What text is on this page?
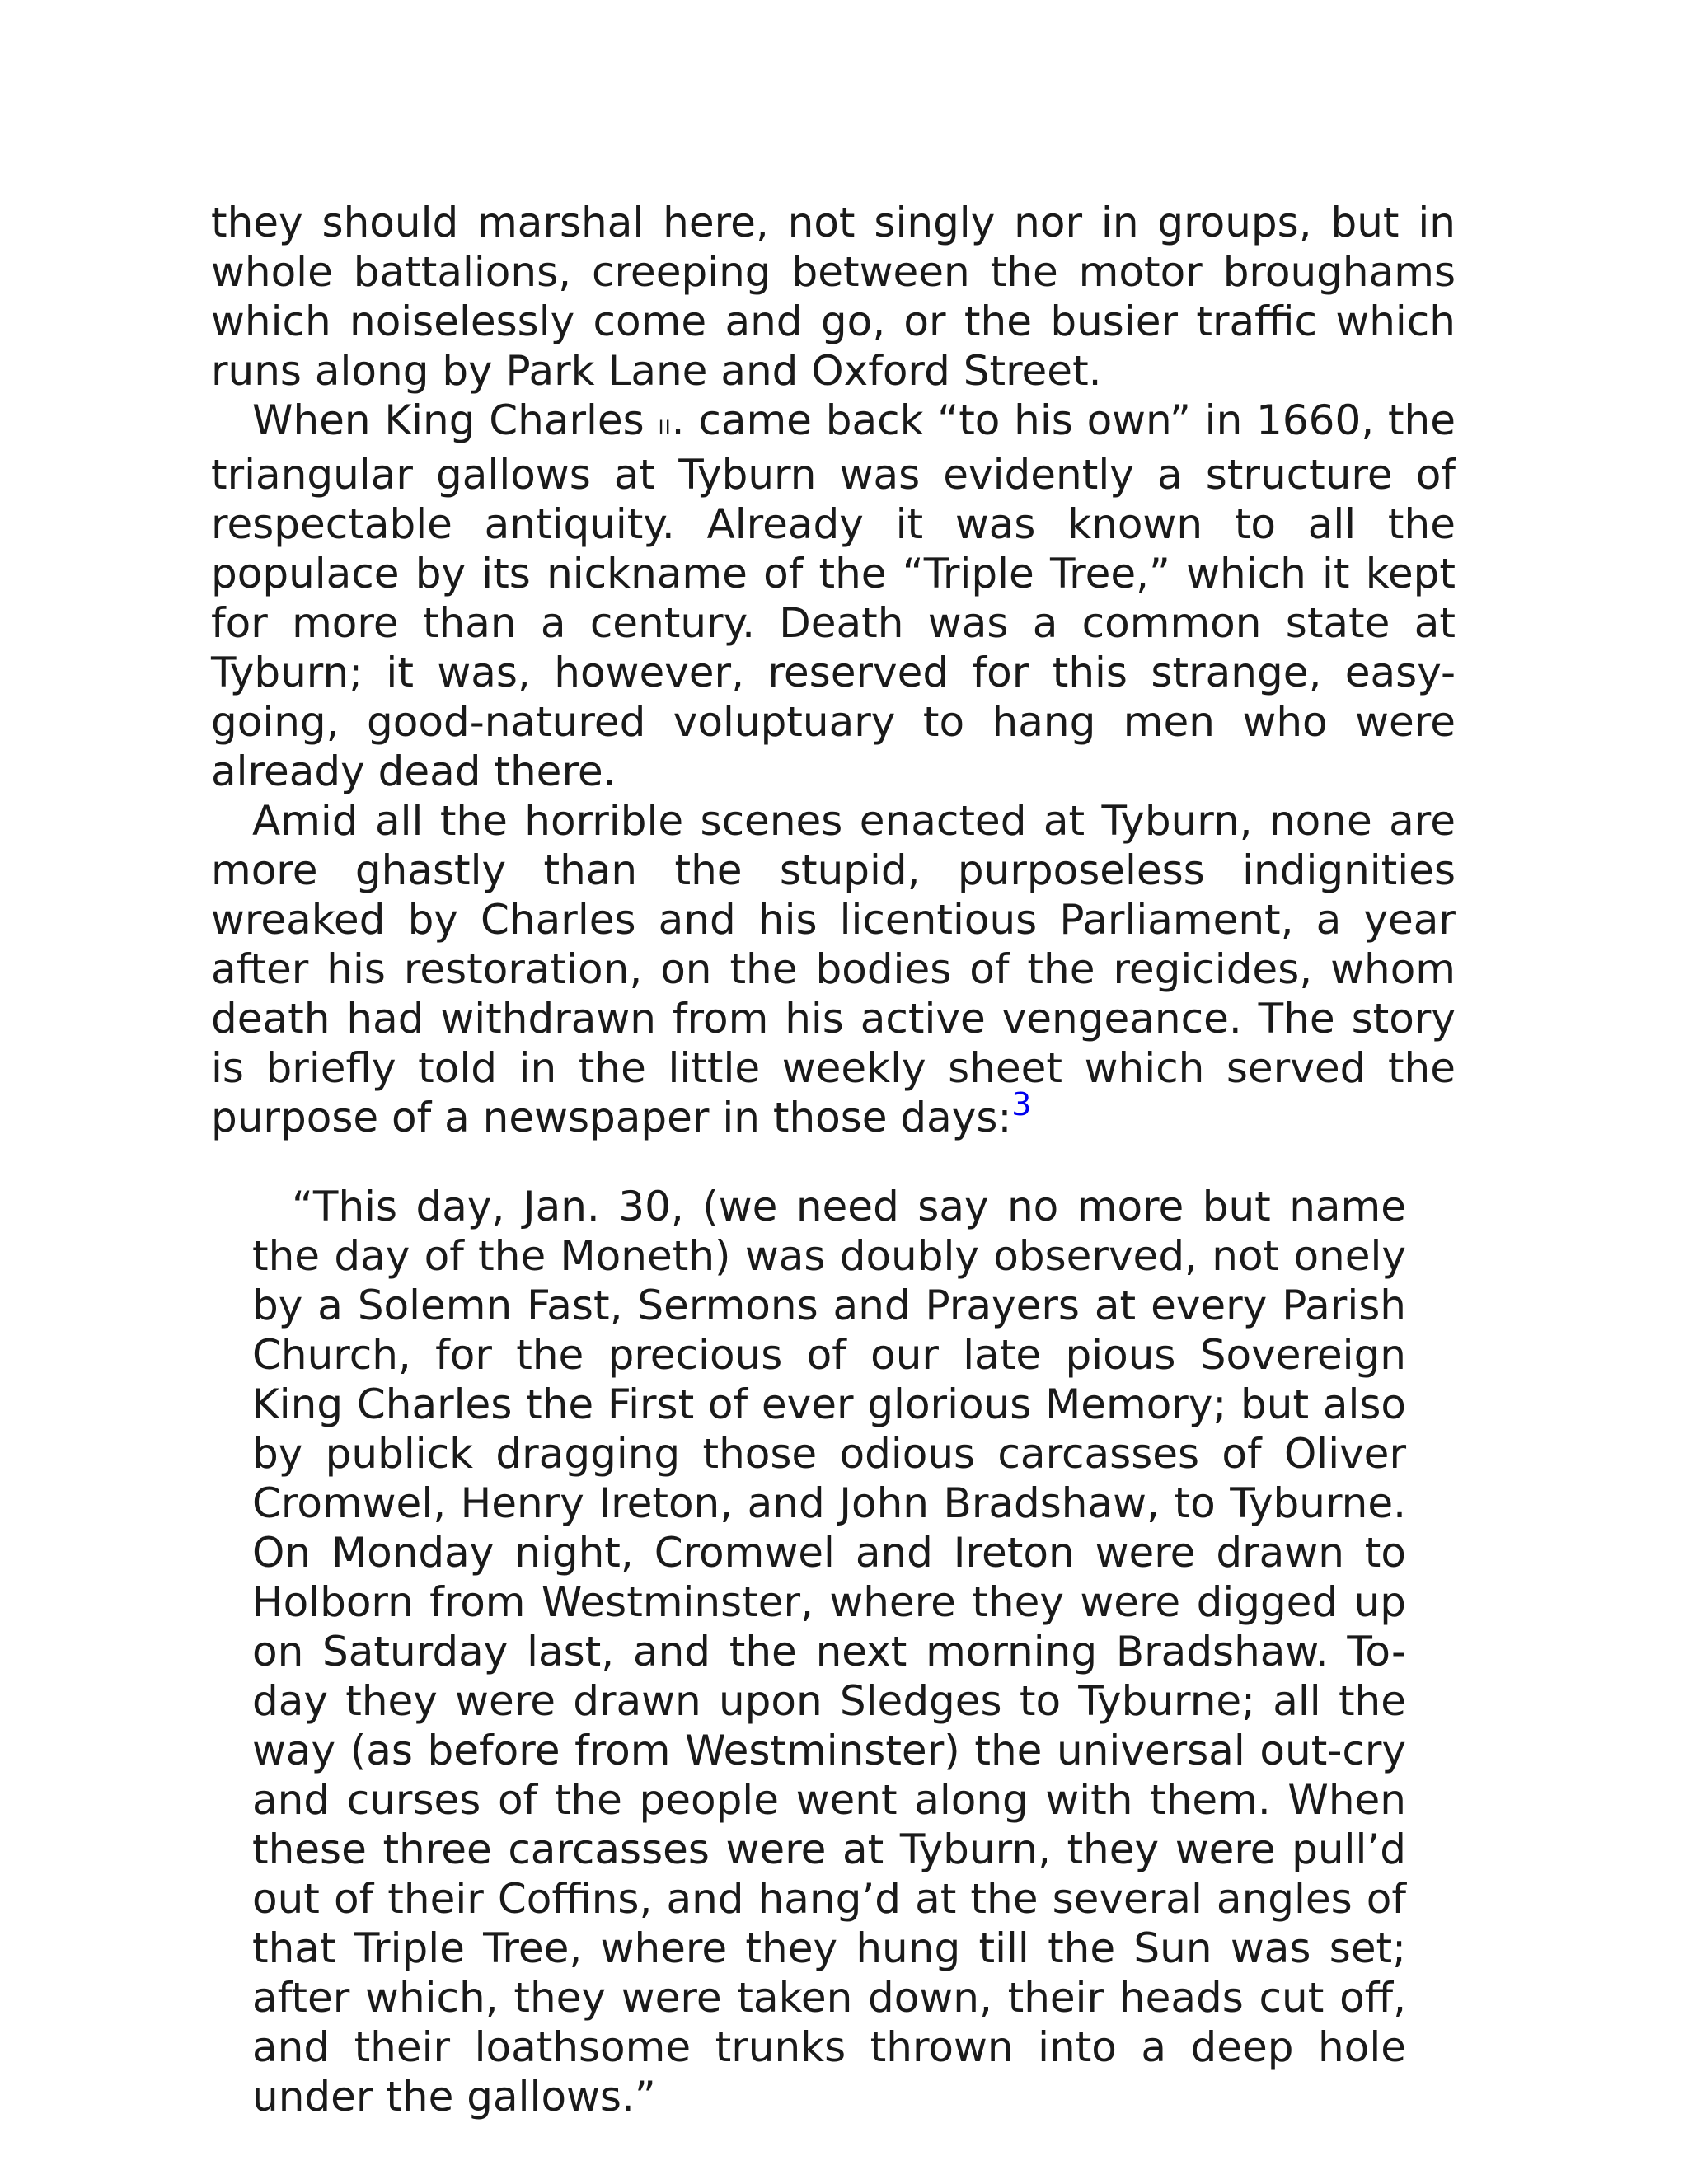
they should marshal here, not singly nor in groups, but in whole battalions, creeping between the motor broughams which noiselessly come and go, or the busier traffic which runs along by Park Lane and Oxford Street.

When King Charles ii. came back “to his own” in 1660, the triangular gallows at Tyburn was evidently a structure of respectable antiquity. Already it was known to all the populace by its nickname of the “Triple Tree,” which it kept for more than a century. Death was a common state at Tyburn; it was, however, reserved for this strange, easy-going, good-natured voluptuary to hang men who were already dead there.

Amid all the horrible scenes enacted at Tyburn, none are more ghastly than the stupid, purposeless indignities wreaked by Charles and his licentious Parliament, a year after his restoration, on the bodies of the regicides, whom death had withdrawn from his active vengeance. The story is briefly told in the little weekly sheet which served the purpose of a newspaper in those days:$^3$

“This day, Jan. 30, (we need say no more but name the day of the Moneth) was doubly observed, not onely by a Solemn Fast, Sermons and Prayers at every Parish Church, for the precious of our late pious Sovereign King Charles the First of ever glorious Memory; but also by publick dragging those odious carcasses of Oliver Cromwel, Henry Ireton, and John Bradshaw, to Tyburne. On Monday night, Cromwel and Ireton were drawn to Holborn from Westminster, where they were digged up on Saturday last, and the next morning Bradshaw. To-day they were drawn upon Sledges to Tyburne; all the way (as before from Westminster) the universal out-cry and curses of the people went along with them. When these three carcasses were at Tyburn, they were pull’d out of their Coffins, and hang’d at the several angles of that Triple Tree, where they hung till the Sun was set; after which, they were taken down, their heads cut off, and their loathsome trunks thrown into a deep hole under the gallows.”
